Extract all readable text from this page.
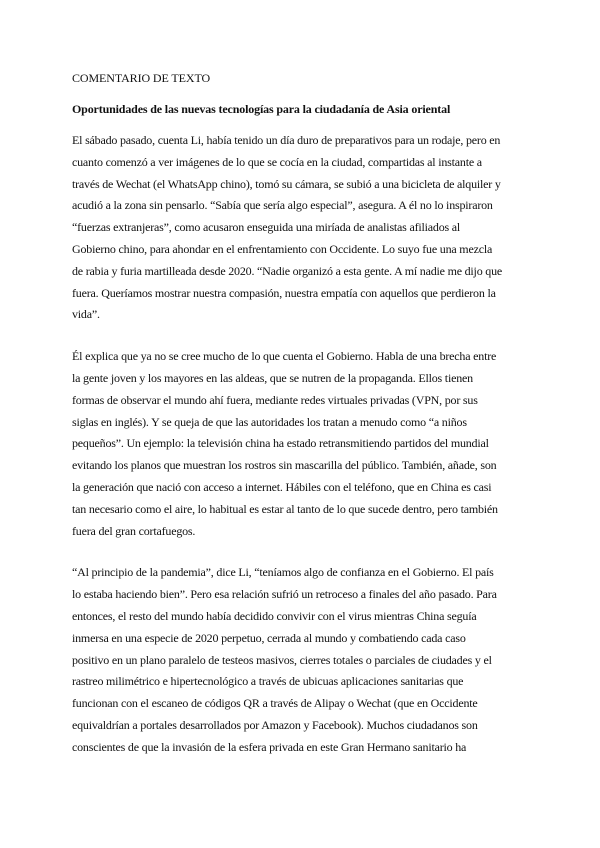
COMENTARIO DE TEXTO
Oportunidades de las nuevas tecnologías para la ciudadanía de Asia oriental
El sábado pasado, cuenta Li, había tenido un día duro de preparativos para un rodaje, pero en
cuanto comenzó a ver imágenes de lo que se cocía en la ciudad, compartidas al instante a
través de Wechat (el WhatsApp chino), tomó su cámara, se subió a una bicicleta de alquiler y
acudió a la zona sin pensarlo. “Sabía que sería algo especial”, asegura. A él no lo inspiraron
“fuerzas extranjeras”, como acusaron enseguida una miríada de analistas afiliados al
Gobierno chino, para ahondar en el enfrentamiento con Occidente. Lo suyo fue una mezcla
de rabia y furia martilleada desde 2020. “Nadie organizó a esta gente. A mí nadie me dijo que
fuera. Queríamos mostrar nuestra compasión, nuestra empatía con aquellos que perdieron la
vida”.
Él explica que ya no se cree mucho de lo que cuenta el Gobierno. Habla de una brecha entre
la gente joven y los mayores en las aldeas, que se nutren de la propaganda. Ellos tienen
formas de observar el mundo ahí fuera, mediante redes virtuales privadas (VPN, por sus
siglas en inglés). Y se queja de que las autoridades los tratan a menudo como “a niños
pequeños”. Un ejemplo: la televisión china ha estado retransmitiendo partidos del mundial
evitando los planos que muestran los rostros sin mascarilla del público. También, añade, son
la generación que nació con acceso a internet. Hábiles con el teléfono, que en China es casi
tan necesario como el aire, lo habitual es estar al tanto de lo que sucede dentro, pero también
fuera del gran cortafuegos.
“Al principio de la pandemia”, dice Li, “teníamos algo de confianza en el Gobierno. El país
lo estaba haciendo bien”. Pero esa relación sufrió un retroceso a finales del año pasado. Para
entonces, el resto del mundo había decidido convivir con el virus mientras China seguía
inmersa en una especie de 2020 perpetuo, cerrada al mundo y combatiendo cada caso
positivo en un plano paralelo de testeos masivos, cierres totales o parciales de ciudades y el
rastreo milimétrico e hipertecnológico a través de ubicuas aplicaciones sanitarias que
funcionan con el escaneo de códigos QR a través de Alipay o Wechat (que en Occidente
equivaldrían a portales desarrollados por Amazon y Facebook). Muchos ciudadanos son
conscientes de que la invasión de la esfera privada en este Gran Hermano sanitario ha
